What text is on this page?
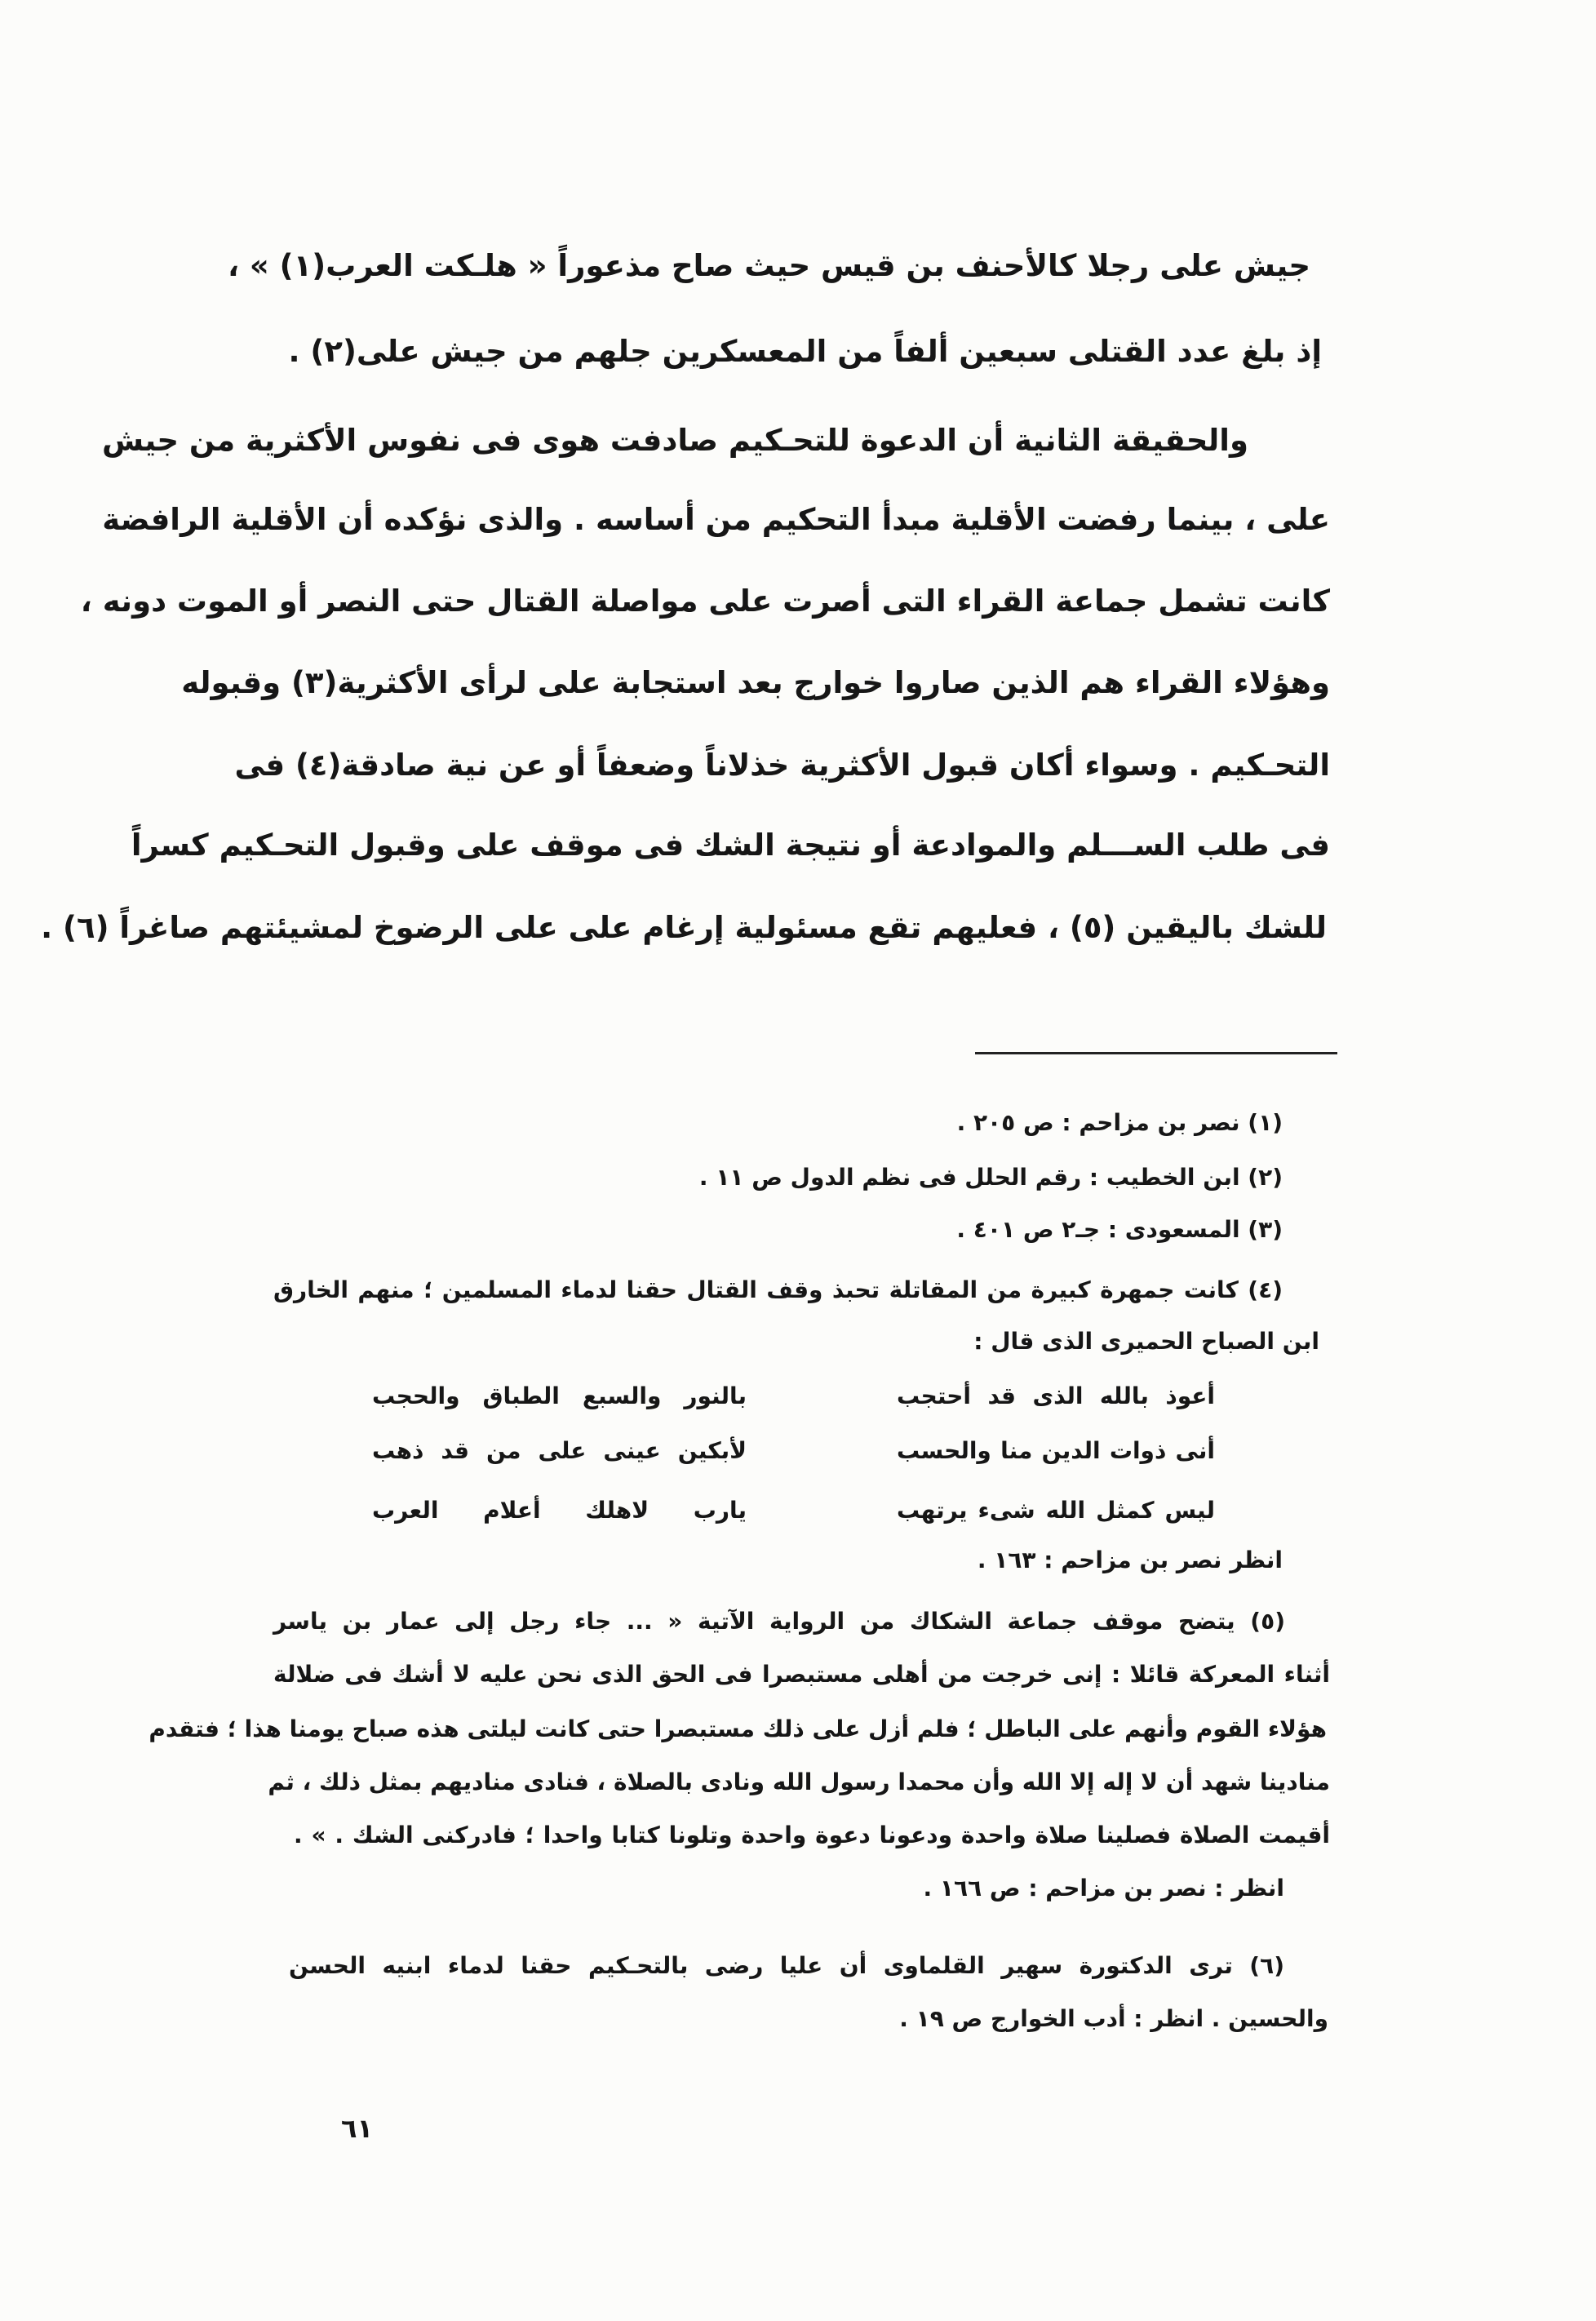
جيش على رجلا كالأحنف بن قيس حيث صاح مذعوراً « هلـكت العرب(١) » ،
إذ بلغ عدد القتلى سبعين ألفاً من المعسكرين جلهم من جيش على(٢) .
والحقيقة الثانية أن الدعوة للتحـكيم صادفت هوى فى نفوس الأكثرية من جيش
على ، بينما رفضت الأقلية مبدأ التحكيم من أساسه . والذى نؤكده أن الأقلية الرافضة
كانت تشمل جماعة القراء التى أصرت على مواصلة القتال حتى النصر أو الموت دونه ،
وهؤلاء القراء هم الذين صاروا خوارج بعد استجابة على لرأى الأكثرية(٣) وقبوله
التحـكيم . وسواء أكان قبول الأكثرية خذلاناً وضعفاً أو عن نية صادقة(٤) فى
فى طلب الســـلم والموادعة أو نتيجة الشك فى موقف على وقبول التحـكيم كسراً
للشك باليقين (٥) ، فعليهم تقع مسئولية إرغام على على الرضوخ لمشيئتهم صاغراً (٦) .
(١) نصر بن مزاحم : ص ٢٠٥ .
(٢) ابن الخطيب : رقم الحلل فى نظم الدول ص ١١ .
(٣) المسعودى : جـ٢ ص ٤٠١ .
(٤) كانت جمهرة كبيرة من المقاتلة تحبذ وقف القتال حقنا لدماء المسلمين ؛ منهم الخارق
ابن الصباح الحميرى الذى قال :
أعوذ بالله الذى قد أحتجب
بالنور والسبع الطباق والحجب
أنى ذوات الدين منا والحسب
لأبكين عينى على من قد ذهب
ليس كمثل الله شىء يرتهب
يارب لاهلك أعلام العرب
انظر نصر بن مزاحم : ١٦٣ .
(٥) يتضح موقف جماعة الشكاك من الرواية الآتية « ... جاء رجل إلى عمار بن ياسر
أثناء المعركة قائلا : إنى خرجت من أهلى مستبصرا فى الحق الذى نحن عليه لا أشك فى ضلالة
هؤلاء القوم وأنهم على الباطل ؛ فلم أزل على ذلك مستبصرا حتى كانت ليلتى هذه صباح يومنا هذا ؛ فتقدم
منادينا شهد أن لا إله إلا الله وأن محمدا رسول الله ونادى بالصلاة ، فنادى مناديهم بمثل ذلك ، ثم
أقيمت الصلاة فصلينا صلاة واحدة ودعونا دعوة واحدة وتلونا كتابا واحدا ؛ فادركنى الشك . » .
انظر : نصر بن مزاحم : ص ١٦٦ .
(٦) ترى الدكتورة سهير القلماوى أن عليا رضى بالتحـكيم حقنا لدماء ابنيه الحسن
والحسين . انظر : أدب الخوارج ص ١٩ .
٦١
